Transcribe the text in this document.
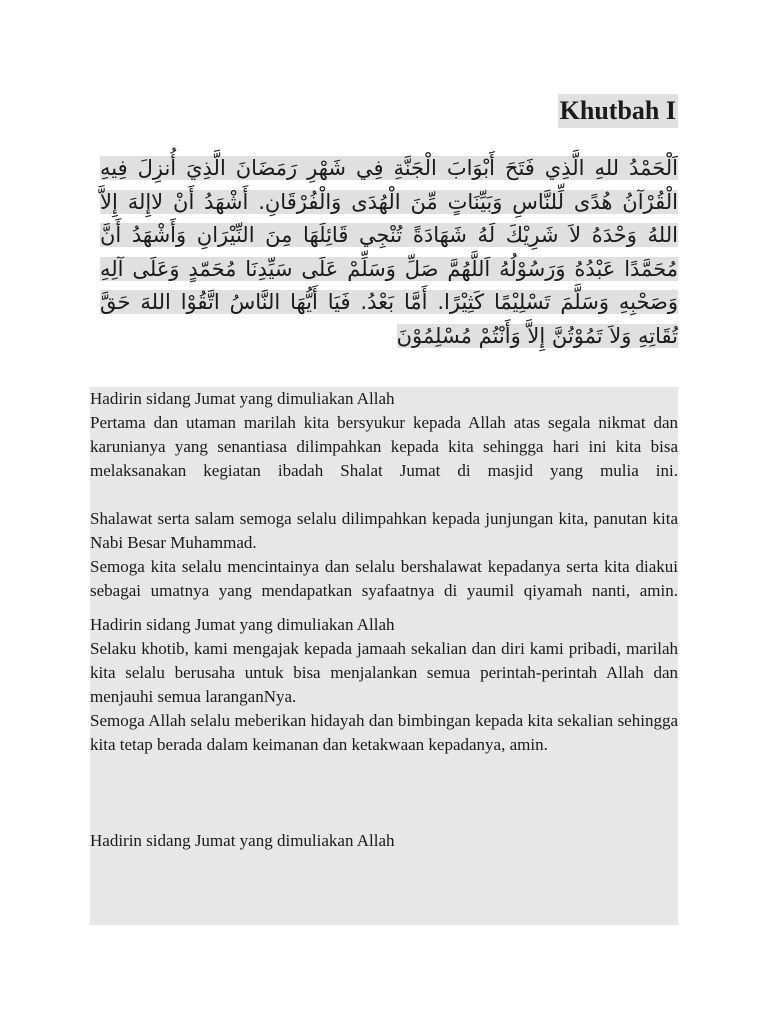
Khutbah I
اَلْحَمْدُ للهِ الَّذِي فَتَحَ أَبْوَابَ الْجَنَّةِ فِي شَهْرِ رَمَضَانَ الَّذِيَ أُنزِلَ فِيهِ الْقُرْآنُ هُدًى لِّلنَّاسِ وَبَيِّنَاتٍ مِّنَ الْهُدَى وَالْفُرْقَانِ. أَشْهَدُ أَنْ لاإِلهَ إِلاَّ اللهُ وَحْدَهُ لاَ شَرِيْكَ لَهُ شَهَادَةً تُنْجِي قَائِلَهَا مِنَ النِّيْرَانِ وَأَشْهَدُ أَنَّ مُحَمَّدًا عَبْدُهُ وَرَسُوْلُهُ اَللَّهُمَّ صَلِّ وَسَلِّمْ عَلَى سَيِّدِنَا مُحَمّدٍ وَعَلَى آلِهِ وَصَحْبِهِ وَسَلَّمَ تَسْلِيْمًا كَثِيْرًا. أَمَّا بَعْدُ. فَيَا أَيُّهَا النَّاسُ اتَّقُوْا اللهَ حَقَّ تُقَاتِهِ وَلاَ تَمُوْتُنَّ إِلاَّ وَأَنْتُمْ مُسْلِمُوْنَ

Hadirin sidang Jumat yang dimuliakan Allah

Pertama dan utaman marilah kita bersyukur kepada Allah atas segala nikmat dan karunianya yang senantiasa dilimpahkan kepada kita sehingga hari ini kita bisa melaksanakan kegiatan ibadah Shalat Jumat di masjid yang mulia ini.

Shalawat serta salam semoga selalu dilimpahkan kepada junjungan kita, panutan kita Nabi Besar Muhammad.

Semoga kita selalu mencintainya dan selalu bershalawat kepadanya serta kita diakui sebagai umatnya yang mendapatkan syafaatnya di yaumil qiyamah nanti, amin.

Hadirin sidang Jumat yang dimuliakan Allah

Selaku khotib, kami mengajak kepada jamaah sekalian dan diri kami pribadi, marilah kita selalu berusaha untuk bisa menjalankan semua perintah-perintah Allah dan menjauhi semua laranganNya.

Semoga Allah selalu meberikan hidayah dan bimbingan kepada kita sekalian sehingga kita tetap berada dalam keimanan dan ketakwaan kepadanya, amin.

Hadirin sidang Jumat yang dimuliakan Allah
